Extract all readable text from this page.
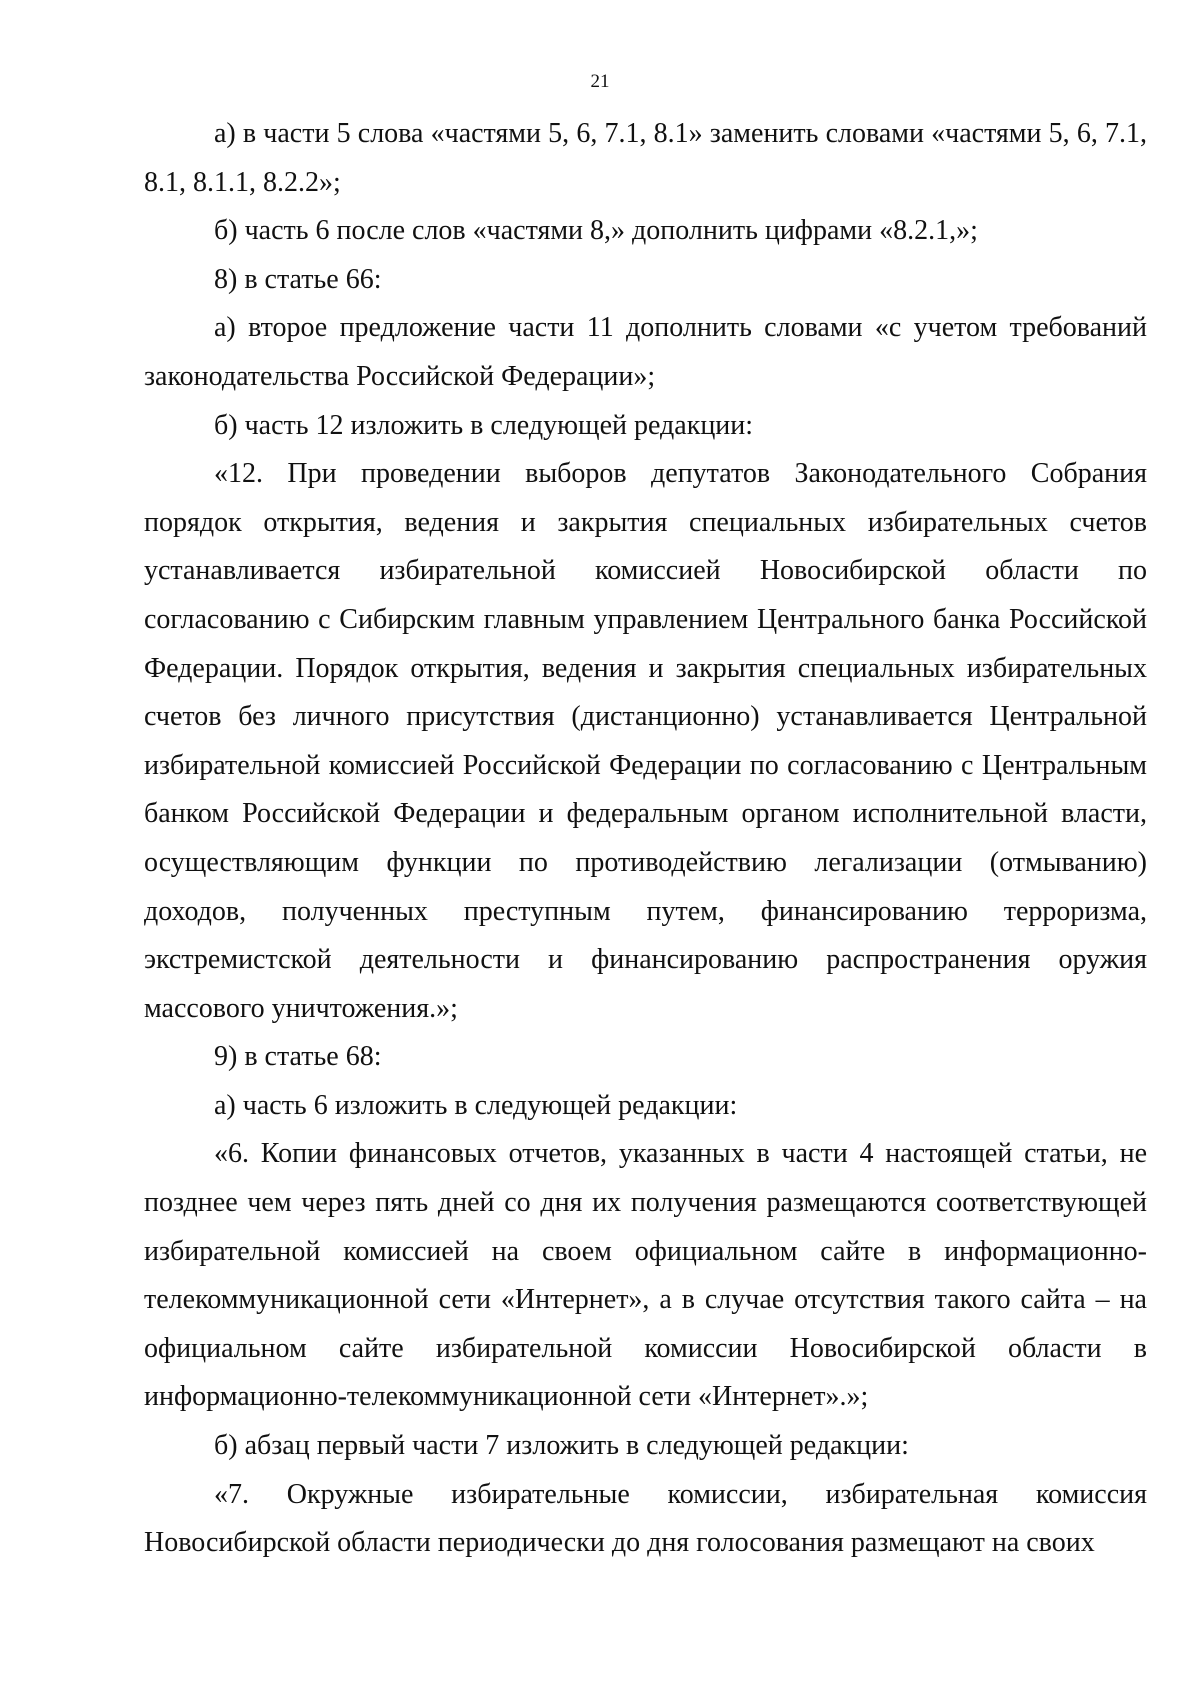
21

а) в части 5 слова «частями 5, 6, 7.1, 8.1» заменить словами «частями 5, 6, 7.1, 8.1, 8.1.1, 8.2.2»;

б) часть 6 после слов «частями 8,» дополнить цифрами «8.2.1,»;

8) в статье 66:

а) второе предложение части 11 дополнить словами «с учетом требований законодательства Российской Федерации»;

б) часть 12 изложить в следующей редакции:

«12. При проведении выборов депутатов Законодательного Собрания порядок открытия, ведения и закрытия специальных избирательных счетов устанавливается избирательной комиссией Новосибирской области по согласованию с Сибирским главным управлением Центрального банка Российской Федерации. Порядок открытия, ведения и закрытия специальных избирательных счетов без личного присутствия (дистанционно) устанавливается Центральной избирательной комиссией Российской Федерации по согласованию с Центральным банком Российской Федерации и федеральным органом исполнительной власти, осуществляющим функции по противодействию легализации (отмыванию) доходов, полученных преступным путем, финансированию терроризма, экстремистской деятельности и финансированию распространения оружия массового уничтожения.»;

9) в статье 68:

а) часть 6 изложить в следующей редакции:

«6. Копии финансовых отчетов, указанных в части 4 настоящей статьи, не позднее чем через пять дней со дня их получения размещаются соответствующей избирательной комиссией на своем официальном сайте в информационно-телекоммуникационной сети «Интернет», а в случае отсутствия такого сайта – на официальном сайте избирательной комиссии Новосибирской области в информационно-телекоммуникационной сети «Интернет».»;

б) абзац первый части 7 изложить в следующей редакции:

«7. Окружные избирательные комиссии, избирательная комиссия Новосибирской области периодически до дня голосования размещают на своих
